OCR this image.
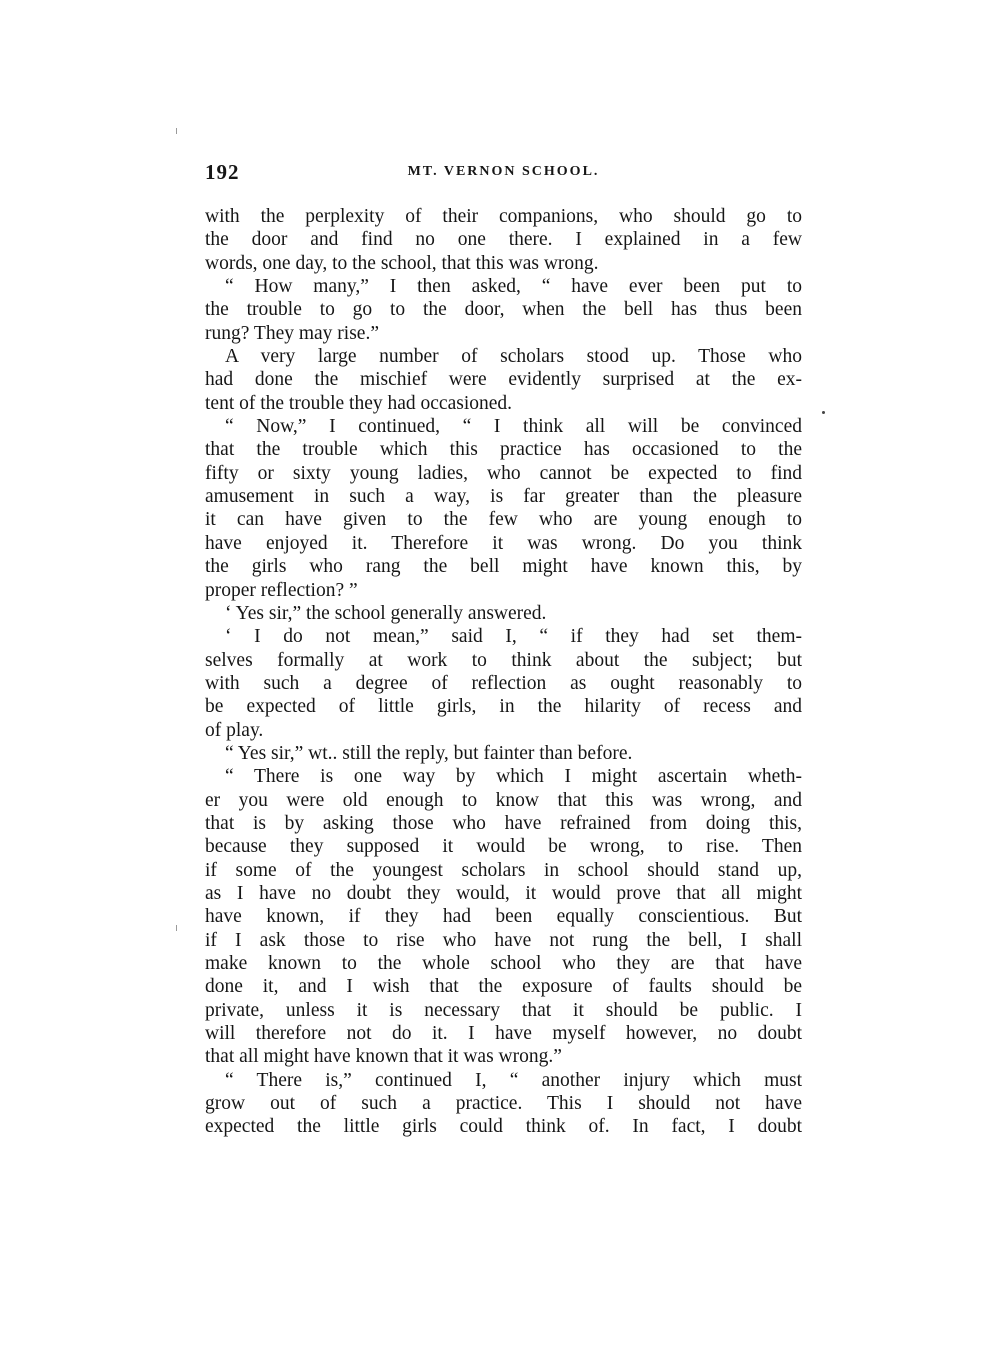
192	MT. VERNON SCHOOL.
with the perplexity of their companions, who should go to
the door and find no one there. I explained in a few
words, one day, to the school, that this was wrong.
“ How many,” I then asked, “ have ever been put to
the trouble to go to the door, when the bell has thus been
rung? They may rise.”
A very large number of scholars stood up. Those who
had done the mischief were evidently surprised at the ex-
tent of the trouble they had occasioned.
“ Now,” I continued, “ I think all will be convinced
that the trouble which this practice has occasioned to the
fifty or sixty young ladies, who cannot be expected to find
amusement in such a way, is far greater than the pleasure
it can have given to the few who are young enough to
have enjoyed it. Therefore it was wrong. Do you think
the girls who rang the bell might have known this, by
proper reflection? ”
‘ Yes sir,” the school generally answered.
‘ I do not mean,” said I, “ if they had set them-
selves formally at work to think about the subject; but
with such a degree of reflection as ought reasonably to
be expected of little girls, in the hilarity of recess and
of play.
“ Yes sir,” wt.. still the reply, but fainter than before.
“ There is one way by which I might ascertain wheth-
er you were old enough to know that this was wrong, and
that is by asking those who have refrained from doing this,
because they supposed it would be wrong, to rise. Then
if some of the youngest scholars in school should stand up,
as I have no doubt they would, it would prove that all might
have known, if they had been equally conscientious. But
if I ask those to rise who have not rung the bell, I shall
make known to the whole school who they are that have
done it, and I wish that the exposure of faults should be
private, unless it is necessary that it should be public. I
will therefore not do it. I have myself however, no doubt
that all might have known that it was wrong.”
“ There is,” continued I, “ another injury which must
grow out of such a practice. This I should not have
expected the little girls could think of. In fact, I doubt
